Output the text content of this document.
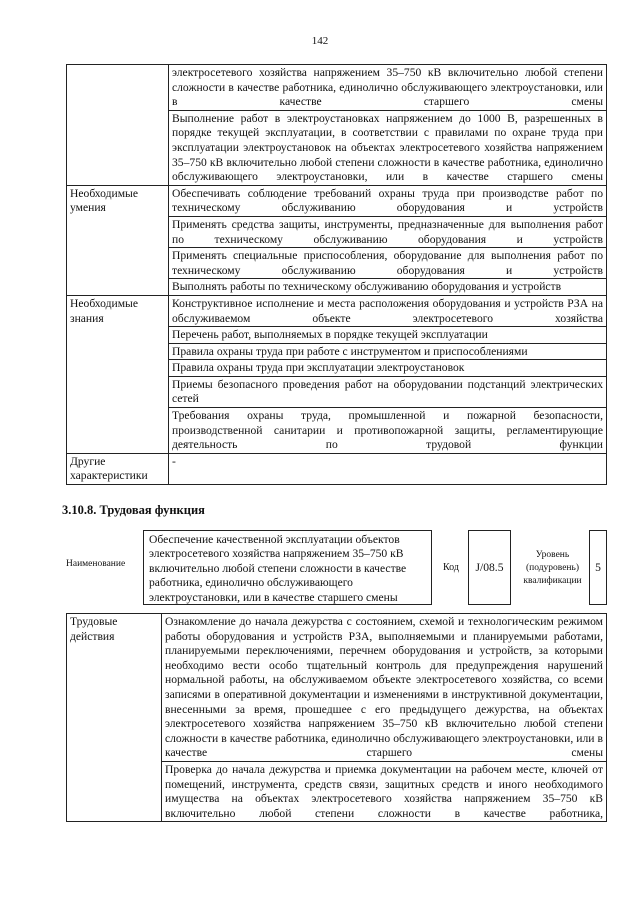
142
	электросетевого хозяйства напряжением 35–750 кВ включительно любой степени сложности в качестве работника, единолично обслуживающего электроустановки, или в качестве старшего смены
	Выполнение работ в электроустановках напряжением до 1000 В, разрешенных в порядке текущей эксплуатации, в соответствии с правилами по охране труда при эксплуатации электроустановок на объектах электросетевого хозяйства напряжением 35–750 кВ включительно любой степени сложности в качестве работника, единолично обслуживающего электроустановки, или в качестве старшего смены
Необходимые умения	Обеспечивать соблюдение требований охраны труда при производстве работ по техническому обслуживанию оборудования и устройств
	Применять средства защиты, инструменты, предназначенные для выполнения работ по техническому обслуживанию оборудования и устройств
	Применять специальные приспособления, оборудование для выполнения работ по техническому обслуживанию оборудования и устройств
	Выполнять работы по техническому обслуживанию оборудования и устройств
Необходимые знания	Конструктивное исполнение и места расположения оборудования и устройств РЗА на обслуживаемом объекте электросетевого хозяйства
	Перечень работ, выполняемых в порядке текущей эксплуатации
	Правила охраны труда при работе с инструментом и приспособлениями
	Правила охраны труда при эксплуатации электроустановок
	Приемы безопасного проведения работ на оборудовании подстанций электрических сетей
	Требования охраны труда, промышленной и пожарной безопасности, производственной санитарии и противопожарной защиты, регламентирующие деятельность по трудовой функции
Другие характеристики	-
3.10.8. Трудовая функция
Наименование
Обеспечение качественной эксплуатации объектов электросетевого хозяйства напряжением 35–750 кВ включительно любой степени сложности в качестве работника, единолично обслуживающего электроустановки, или в качестве старшего смены
Код J/08.5
Уровень (подуровень) квалификации
5
Трудовые действия	Ознакомление до начала дежурства с состоянием, схемой и технологическим режимом работы оборудования и устройств РЗА, выполняемыми и планируемыми работами, планируемыми переключениями, перечнем оборудования и устройств, за которыми необходимо вести особо тщательный контроль для предупреждения нарушений нормальной работы, на обслуживаемом объекте электросетевого хозяйства, со всеми записями в оперативной документации и изменениями в инструктивной документации, внесенными за время, прошедшее с его предыдущего дежурства, на объектах электросетевого хозяйства напряжением 35–750 кВ включительно любой степени сложности в качестве работника, единолично обслуживающего электроустановки, или в качестве старшего смены
Проверка до начала дежурства и приемка документации на рабочем месте, ключей от помещений, инструмента, средств связи, защитных средств и иного необходимого имущества на объектах электросетевого хозяйства напряжением 35–750 кВ включительно любой степени сложности в качестве работника,
